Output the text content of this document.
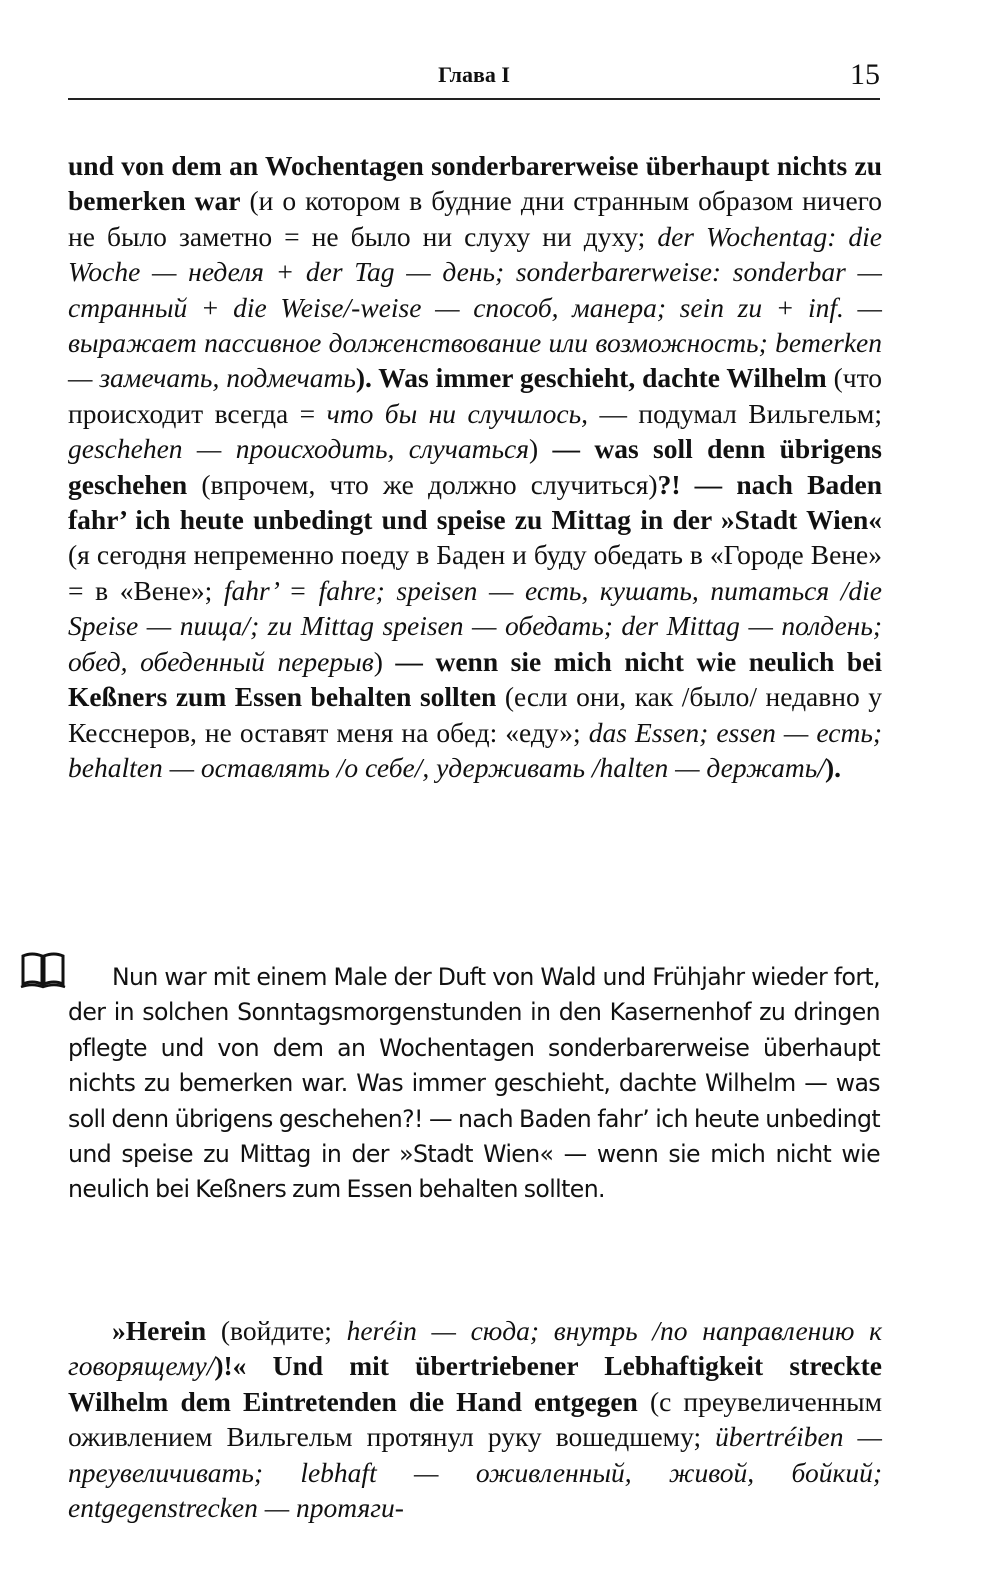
Глава I	15
und von dem an Wochentagen sonderbarerweise überhaupt nichts zu bemerken war (и о котором в будние дни странным образом ничего не было заметно = не было ни слуху ни духу; der Wochentag: die Woche — неделя + der Tag — день; sonderbarerweise: sonderbar — странный + die Weise/-weise — способ, манера; sein zu + inf. — выражает пассивное долженствование или возможность; bemerken — замечать, подмечать). Was immer geschieht, dachte Wilhelm (что происходит всегда = что бы ни случилось, — подумал Вильгельм; geschehen — происходить, случаться) — was soll denn übrigens geschehen (впрочем, что же должно случиться)?! — nach Baden fahr’ ich heute unbedingt und speise zu Mittag in der »Stadt Wien« (я сегодня непременно поеду в Баден и буду обедать в «Городе Вене» = в «Вене»; fahr’ = fahre; speisen — есть, кушать, питаться /die Speise — пища/; zu Mittag speisen — обедать; der Mittag — полдень; обед, обеденный перерыв) — wenn sie mich nicht wie neulich bei Keßners zum Essen behalten sollten (если они, как /было/ недавно у Кесснеров, не оставят меня на обед: «еду»; das Essen; essen — есть; behalten — оставлять /о себе/, удерживать /halten — держать/).
Nun war mit einem Male der Duft von Wald und Frühjahr wieder fort, der in solchen Sonntagsmorgenstunden in den Kasernenhof zu dringen pflegte und von dem an Wochentagen sonderbarerweise überhaupt nichts zu bemerken war. Was immer geschieht, dachte Wilhelm — was soll denn übrigens geschehen?! — nach Baden fahr’ ich heute unbedingt und speise zu Mittag in der »Stadt Wien« — wenn sie mich nicht wie neulich bei Keßners zum Essen behalten sollten.
»Herein (войдите; heréin — сюда; внутрь /по направлению к говорящему/)!« Und mit übertriebener Lebhaftigkeit streckte Wilhelm dem Eintretenden die Hand entgegen (с преувеличенным оживлением Вильгельм протянул руку вошедшему; übertréiben — преувеличивать; lebhaft — оживленный, живой, бойкий; entgegenstrecken — протяги-
